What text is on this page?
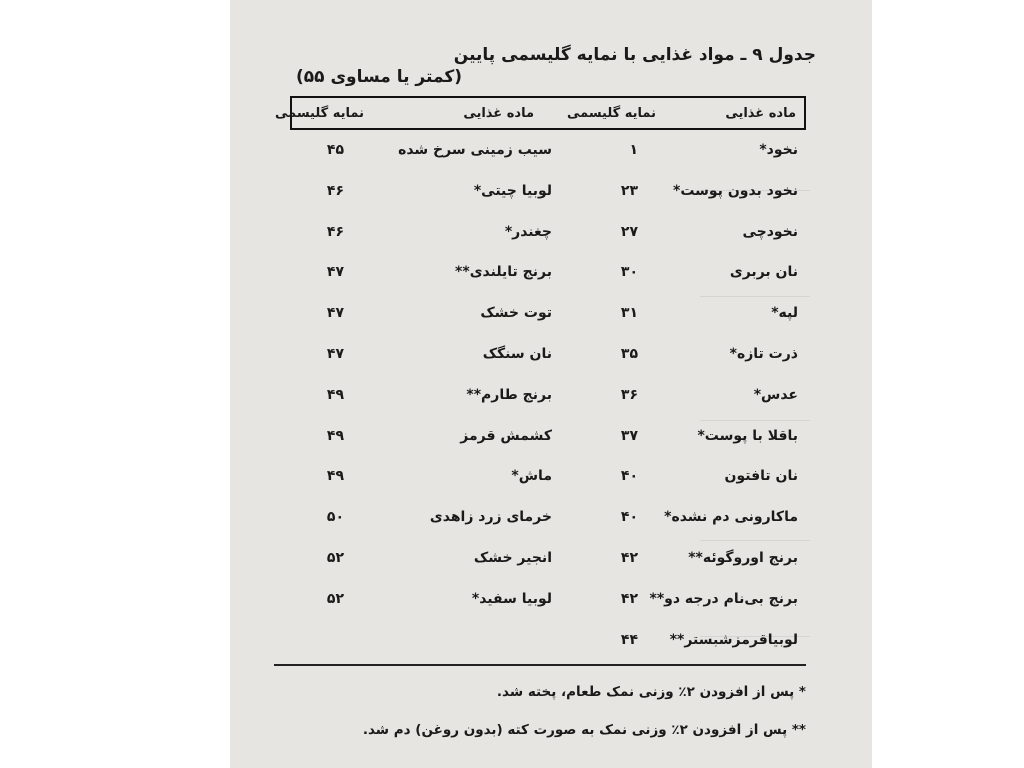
جدول ۹ ـ مواد غذایی با نمایه گلیسمی پایین
(کمتر یا مساوی ۵۵)
ماده غذایی
نمایه گلیسمی
ماده غذایی
نمایه گلیسمی
نخود*
۱
سیب زمینی سرخ شده
۴۵
نخود بدون پوست*
۲۳
لوبیا چیتی*
۴۶
نخودچی
۲۷
چغندر*
۴۶
نان بربری
۳۰
برنج تایلندی**
۴۷
لپه*
۳۱
توت خشک
۴۷
ذرت تازه*
۳۵
نان سنگک
۴۷
عدس*
۳۶
برنج طارم**
۴۹
باقلا با پوست*
۳۷
کشمش قرمز
۴۹
نان تافتون
۴۰
ماش*
۴۹
ماکارونی دم نشده*
۴۰
خرمای زرد زاهدی
۵۰
برنج اوروگوئه**
۴۲
انجیر خشک
۵۲
برنج بی‌نام درجه دو**
۴۲
لوبیا سفید*
۵۲
لوبیاقرمزشبستر**
۴۴
* پس از افزودن ۲٪ وزنی نمک طعام، پخته شد.
** پس از افزودن ۲٪ وزنی نمک به صورت کته (بدون روغن) دم شد.
